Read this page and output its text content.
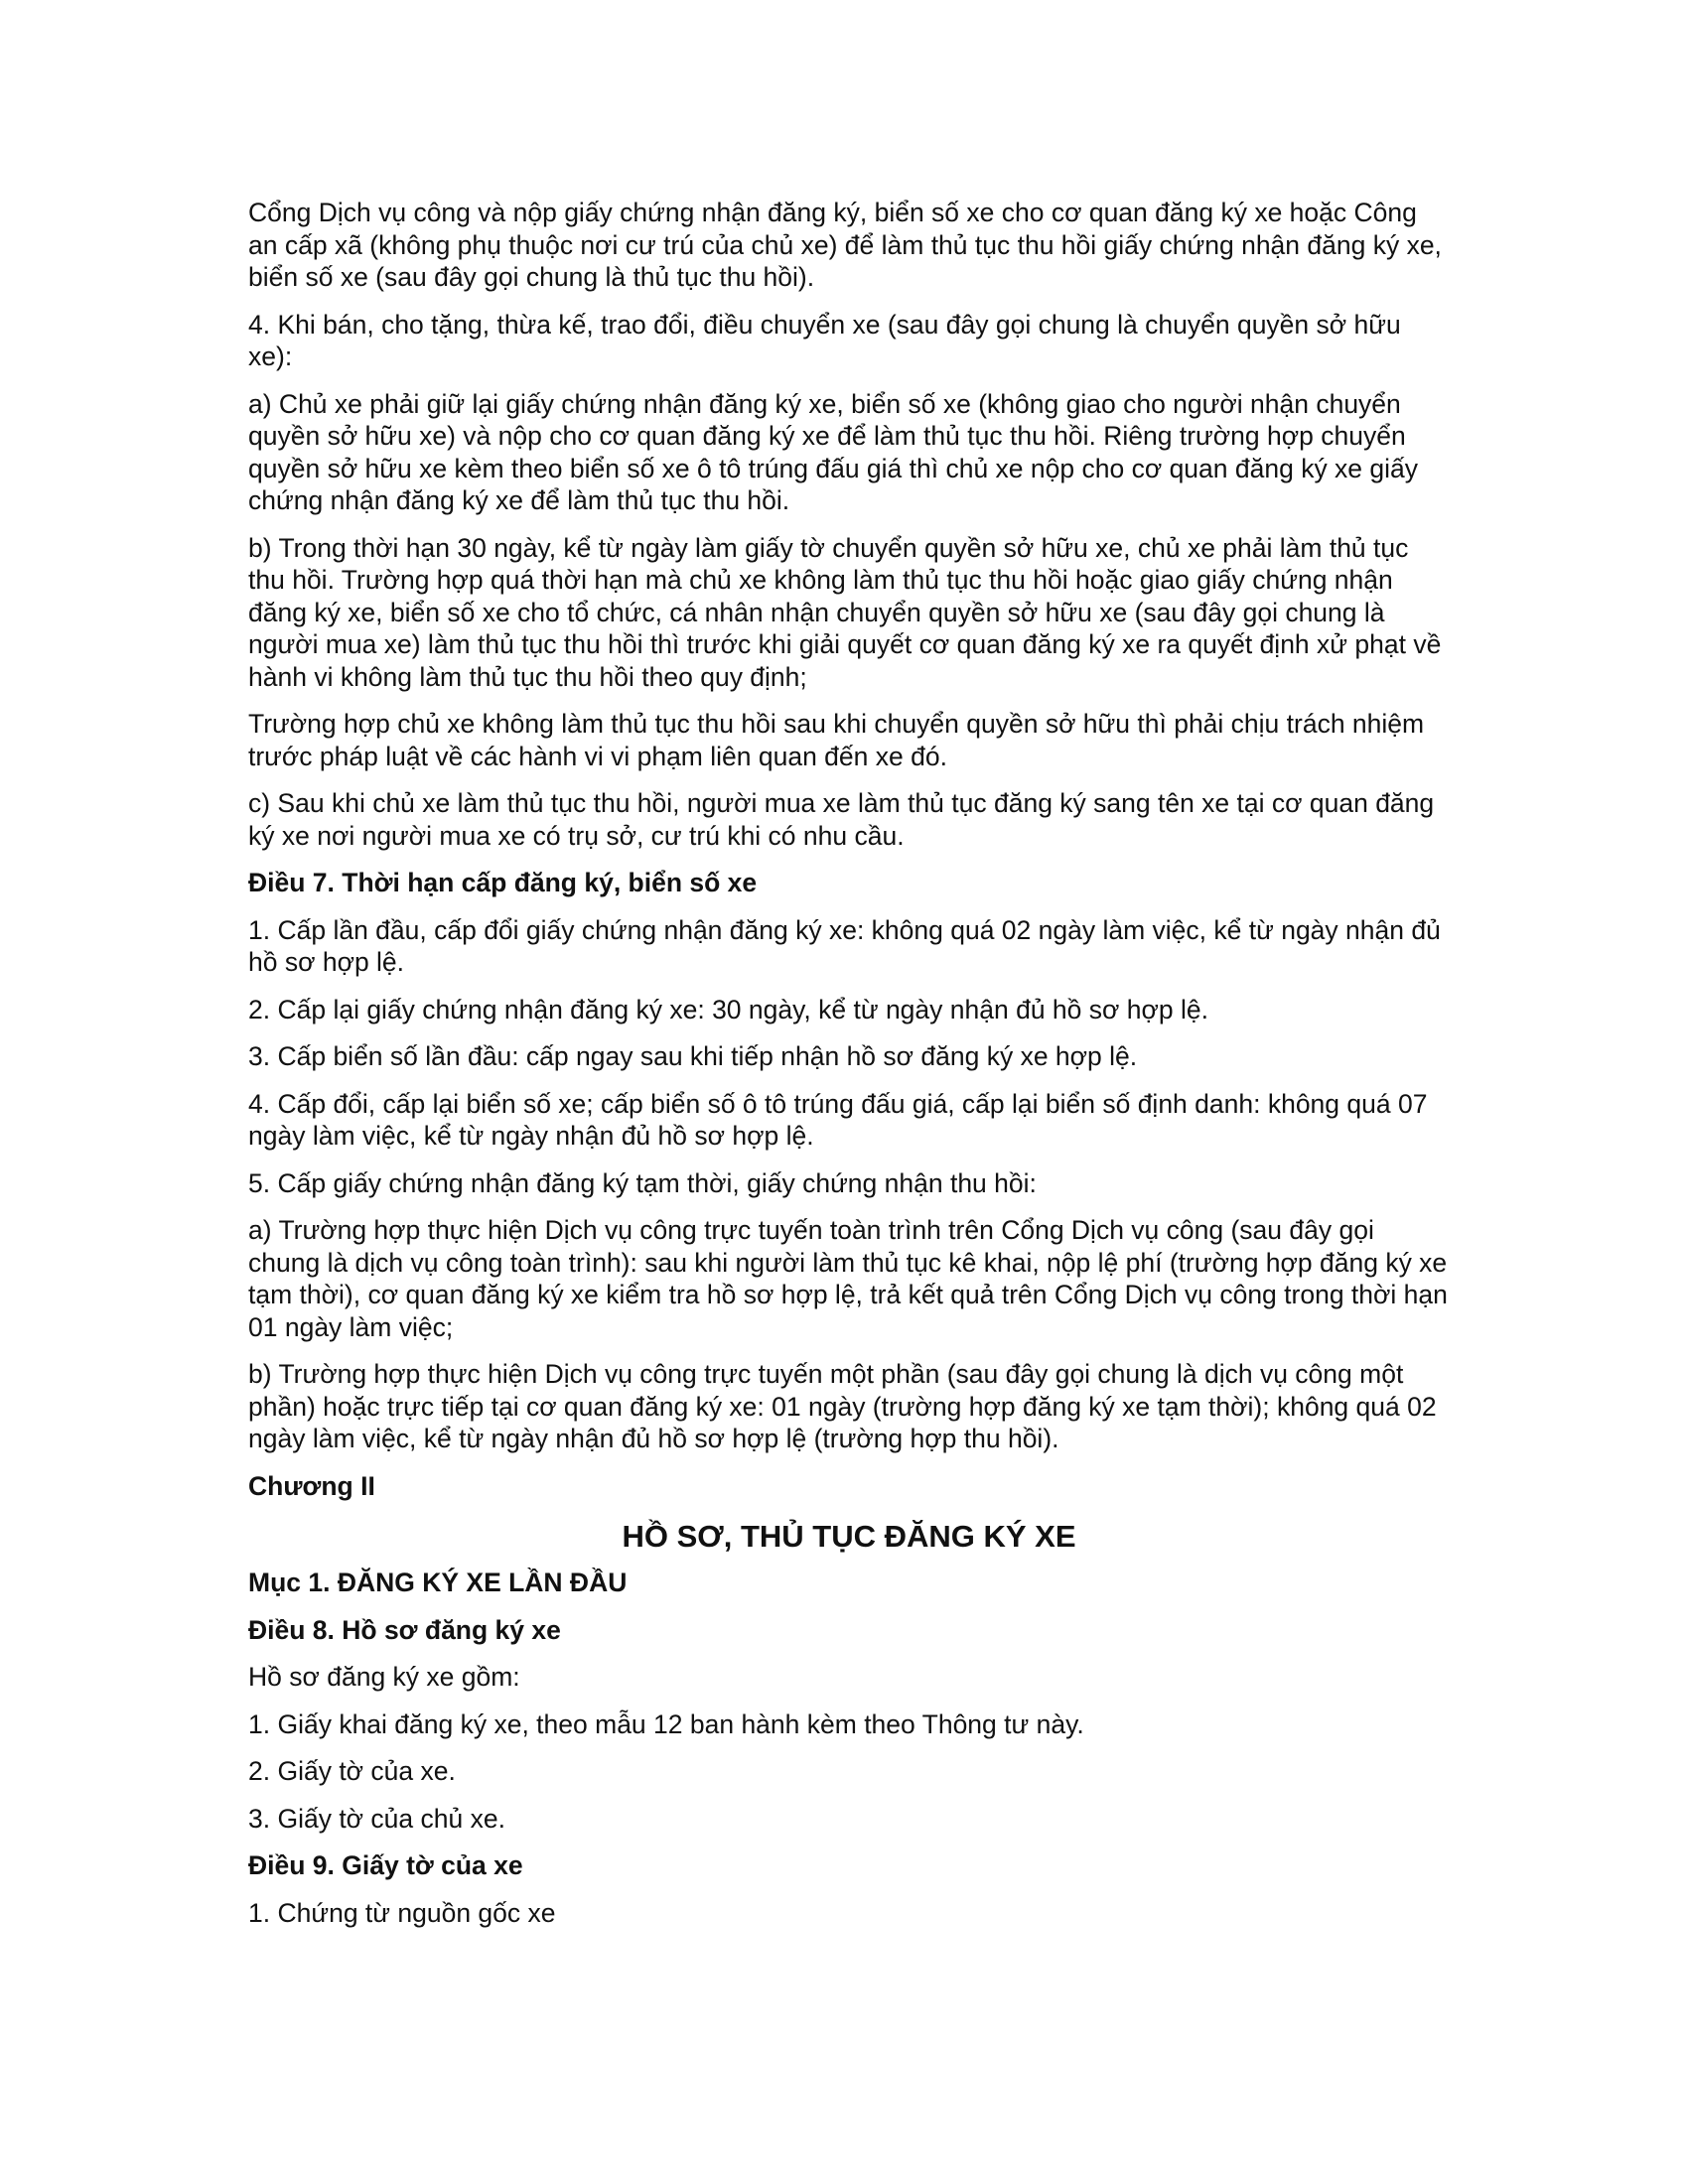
Cổng Dịch vụ công và nộp giấy chứng nhận đăng ký, biển số xe cho cơ quan đăng ký xe hoặc Công an cấp xã (không phụ thuộc nơi cư trú của chủ xe) để làm thủ tục thu hồi giấy chứng nhận đăng ký xe, biển số xe (sau đây gọi chung là thủ tục thu hồi).

4. Khi bán, cho tặng, thừa kế, trao đổi, điều chuyển xe (sau đây gọi chung là chuyển quyền sở hữu xe):

a) Chủ xe phải giữ lại giấy chứng nhận đăng ký xe, biển số xe (không giao cho người nhận chuyển quyền sở hữu xe) và nộp cho cơ quan đăng ký xe để làm thủ tục thu hồi. Riêng trường hợp chuyển quyền sở hữu xe kèm theo biển số xe ô tô trúng đấu giá thì chủ xe nộp cho cơ quan đăng ký xe giấy chứng nhận đăng ký xe để làm thủ tục thu hồi.

b) Trong thời hạn 30 ngày, kể từ ngày làm giấy tờ chuyển quyền sở hữu xe, chủ xe phải làm thủ tục thu hồi. Trường hợp quá thời hạn mà chủ xe không làm thủ tục thu hồi hoặc giao giấy chứng nhận đăng ký xe, biển số xe cho tổ chức, cá nhân nhận chuyển quyền sở hữu xe (sau đây gọi chung là người mua xe) làm thủ tục thu hồi thì trước khi giải quyết cơ quan đăng ký xe ra quyết định xử phạt về hành vi không làm thủ tục thu hồi theo quy định;

Trường hợp chủ xe không làm thủ tục thu hồi sau khi chuyển quyền sở hữu thì phải chịu trách nhiệm trước pháp luật về các hành vi vi phạm liên quan đến xe đó.

c) Sau khi chủ xe làm thủ tục thu hồi, người mua xe làm thủ tục đăng ký sang tên xe tại cơ quan đăng ký xe nơi người mua xe có trụ sở, cư trú khi có nhu cầu.

Điều 7. Thời hạn cấp đăng ký, biển số xe

1. Cấp lần đầu, cấp đổi giấy chứng nhận đăng ký xe: không quá 02 ngày làm việc, kể từ ngày nhận đủ hồ sơ hợp lệ.

2. Cấp lại giấy chứng nhận đăng ký xe: 30 ngày, kể từ ngày nhận đủ hồ sơ hợp lệ.

3. Cấp biển số lần đầu: cấp ngay sau khi tiếp nhận hồ sơ đăng ký xe hợp lệ.

4. Cấp đổi, cấp lại biển số xe; cấp biển số ô tô trúng đấu giá, cấp lại biển số định danh: không quá 07 ngày làm việc, kể từ ngày nhận đủ hồ sơ hợp lệ.

5. Cấp giấy chứng nhận đăng ký tạm thời, giấy chứng nhận thu hồi:

a) Trường hợp thực hiện Dịch vụ công trực tuyến toàn trình trên Cổng Dịch vụ công (sau đây gọi chung là dịch vụ công toàn trình): sau khi người làm thủ tục kê khai, nộp lệ phí (trường hợp đăng ký xe tạm thời), cơ quan đăng ký xe kiểm tra hồ sơ hợp lệ, trả kết quả trên Cổng Dịch vụ công trong thời hạn 01 ngày làm việc;

b) Trường hợp thực hiện Dịch vụ công trực tuyến một phần (sau đây gọi chung là dịch vụ công một phần) hoặc trực tiếp tại cơ quan đăng ký xe: 01 ngày (trường hợp đăng ký xe tạm thời); không quá 02 ngày làm việc, kể từ ngày nhận đủ hồ sơ hợp lệ (trường hợp thu hồi).

Chương II

HỒ SƠ, THỦ TỤC ĐĂNG KÝ XE

Mục 1. ĐĂNG KÝ XE LẦN ĐẦU

Điều 8. Hồ sơ đăng ký xe

Hồ sơ đăng ký xe gồm:

1. Giấy khai đăng ký xe, theo mẫu 12 ban hành kèm theo Thông tư này.

2. Giấy tờ của xe.

3. Giấy tờ của chủ xe.

Điều 9. Giấy tờ của xe

1. Chứng từ nguồn gốc xe
